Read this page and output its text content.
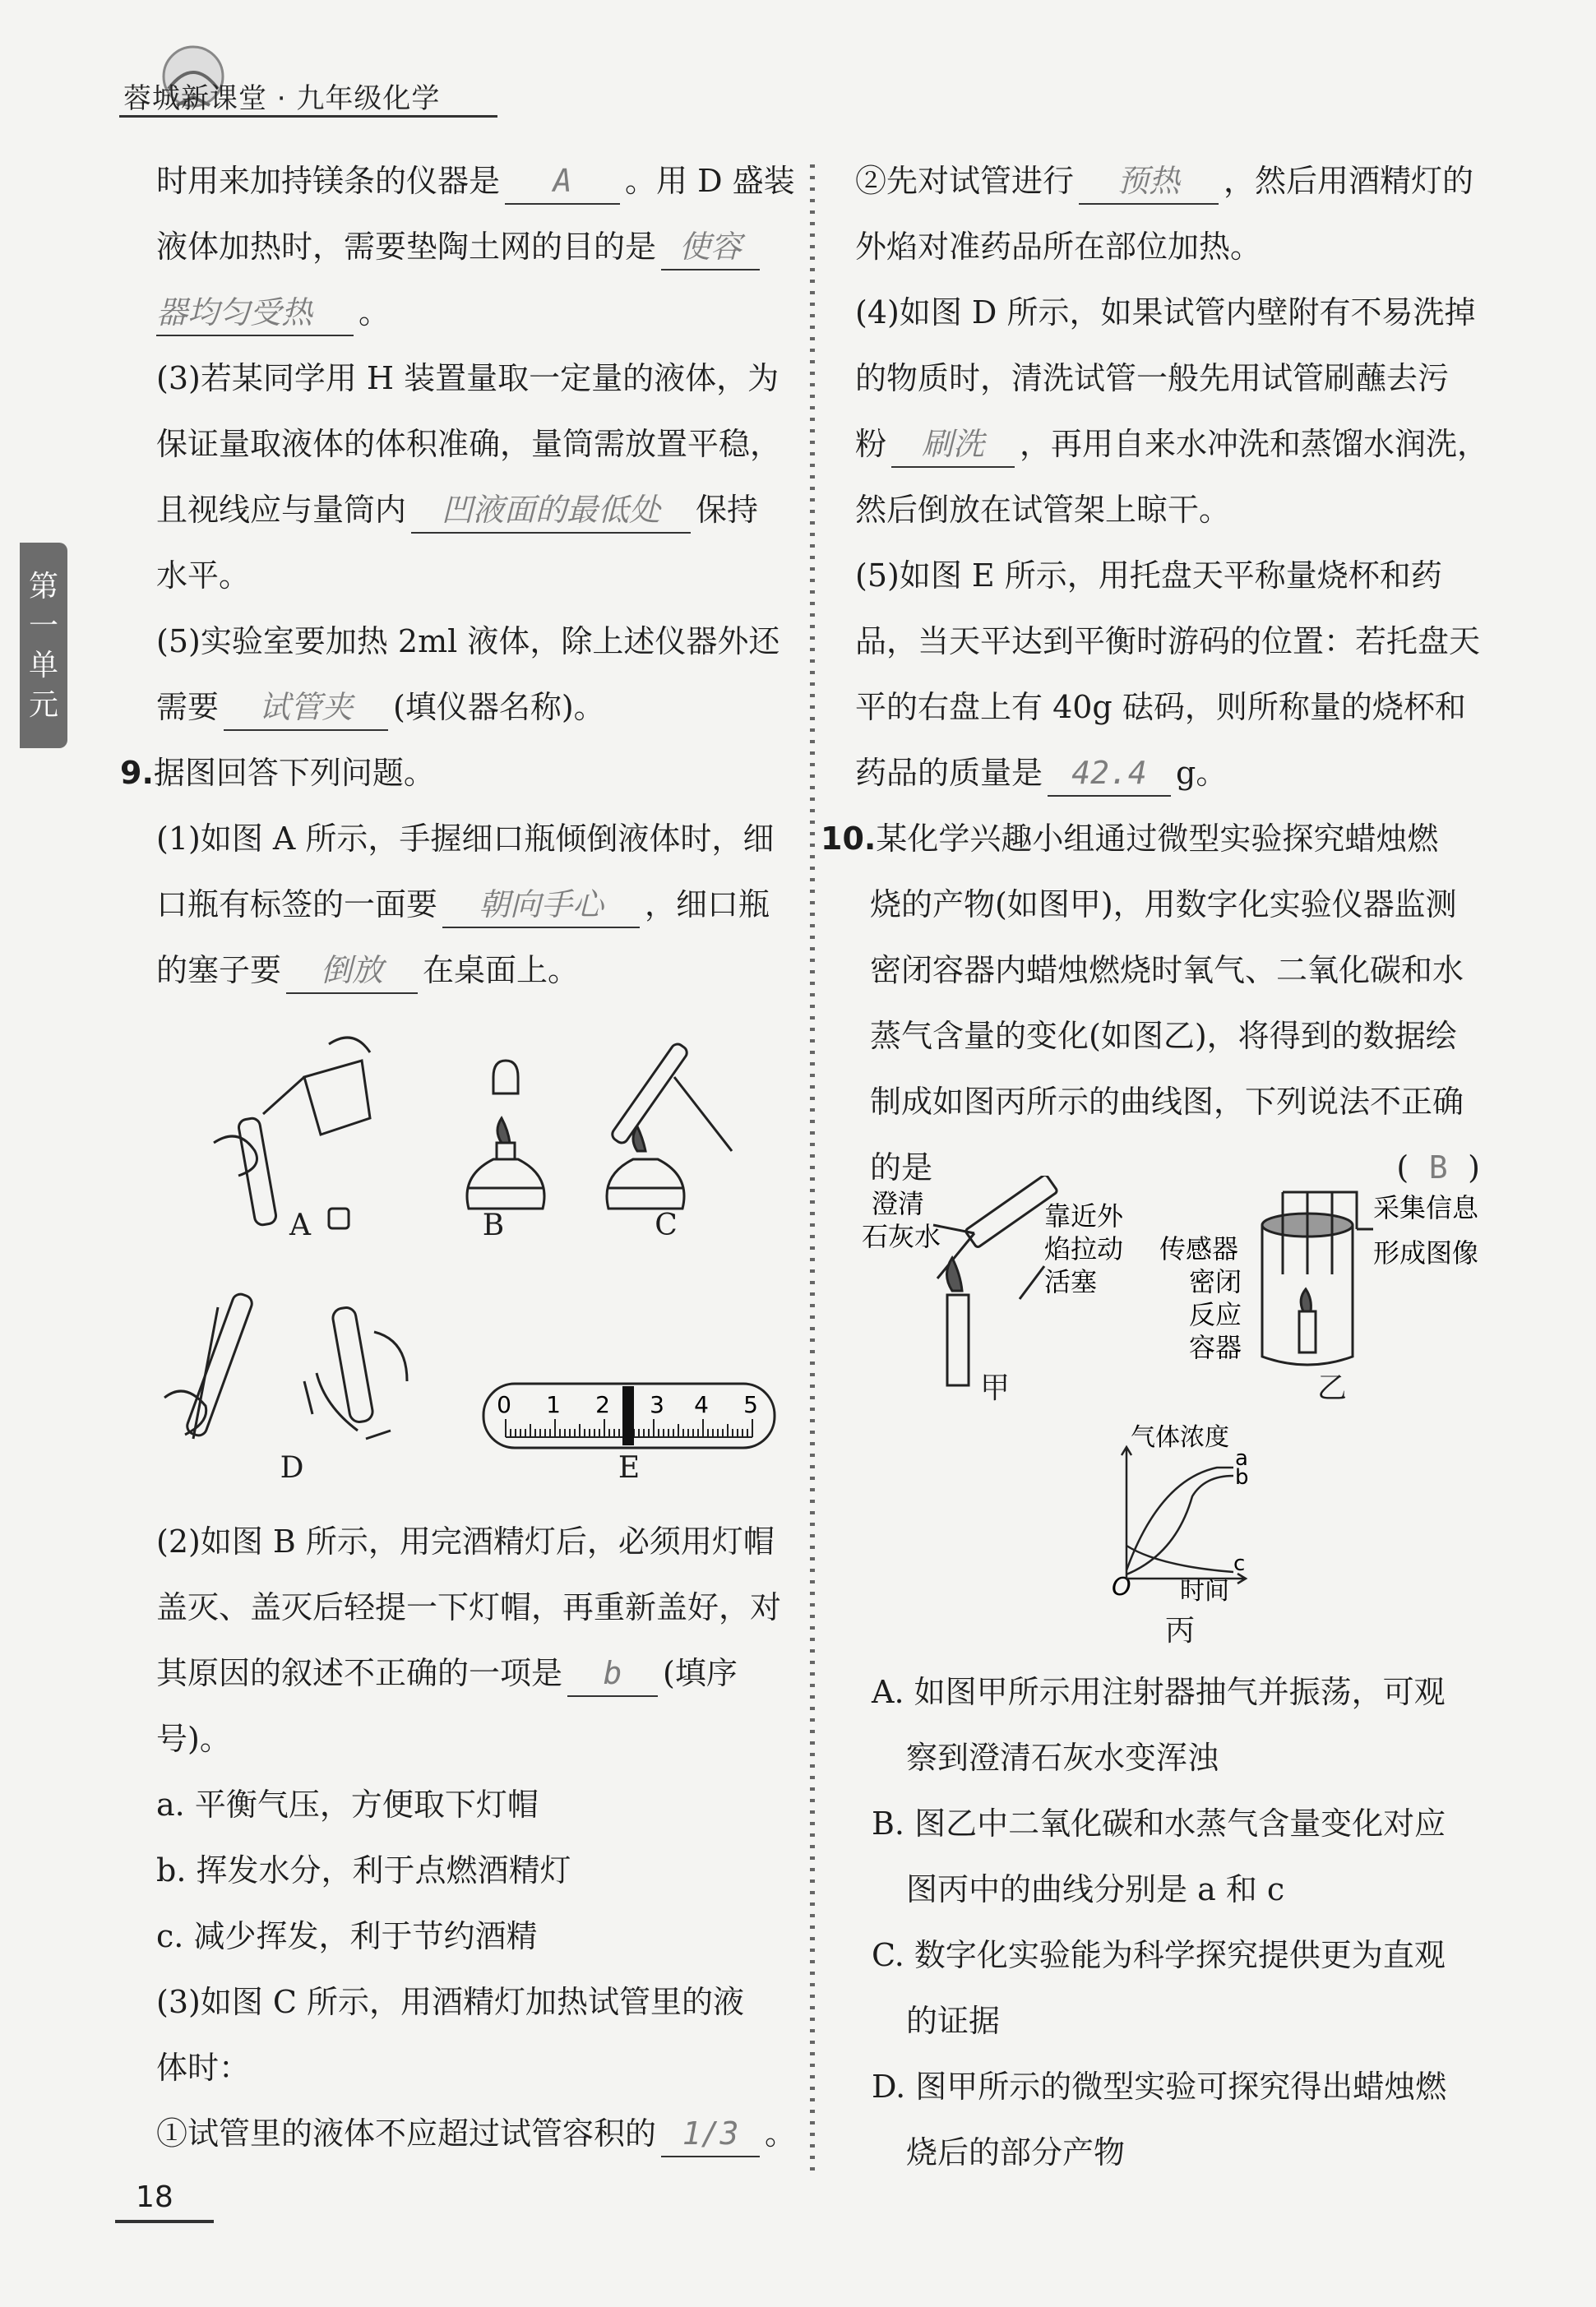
蓉城新课堂 · 九年级化学
第一单元

时用来加持镁条的仪器是 A 。用 D 盛装

液体加热时，需要垫陶土网的目的是 使容

器均匀受热 。

(3)若某同学用 H 装置量取一定量的液体，为

保证量取液体的体积准确，量筒需放置平稳，

且视线应与量筒内 凹液面的最低处 保持

水平。

(5)实验室要加热 2ml 液体，除上述仪器外还

需要 试管夹 (填仪器名称)。

9.据图回答下列问题。

(1)如图 A 所示，手握细口瓶倾倒液体时，细

口瓶有标签的一面要 朝向手心 ，细口瓶

的塞子要 倒放 在桌面上。

A	B	C
0 1 2 3 4 5
D	E

(2)如图 B 所示，用完酒精灯后，必须用灯帽

盖灭、盖灭后轻提一下灯帽，再重新盖好，对

其原因的叙述不正确的一项是 b (填序

号)。

a. 平衡气压，方便取下灯帽

b. 挥发水分，利于点燃酒精灯

c. 减少挥发，利于节约酒精

(3)如图 C 所示，用酒精灯加热试管里的液

体时：

①试管里的液体不应超过试管容积的 1/3 。

②先对试管进行 预热 ，然后用酒精灯的

外焰对准药品所在部位加热。

(4)如图 D 所示，如果试管内壁附有不易洗掉

的物质时，清洗试管一般先用试管刷蘸去污

粉 刷洗 ，再用自来水冲洗和蒸馏水润洗，

然后倒放在试管架上晾干。

(5)如图 E 所示，用托盘天平称量烧杯和药

品，当天平达到平衡时游码的位置：若托盘天

平的右盘上有 40g 砝码，则所称量的烧杯和

药品的质量是 42.4 g。

10.某化学兴趣小组通过微型实验探究蜡烛燃

烧的产物(如图甲)，用数字化实验仪器监测

密闭容器内蜡烛燃烧时氧气、二氧化碳和水

蒸气含量的变化(如图乙)，将得到的数据绘

制成如图丙所示的曲线图，下列说法不正确

的是	( B )

澄清
石灰水
靠近外
焰拉动
活塞
甲
采集信息
形成图像
传感器
密闭
反应
容器
乙
气体浓度
时间
O
a
b
c
丙

A. 如图甲所示用注射器抽气并振荡，可观

察到澄清石灰水变浑浊

B. 图乙中二氧化碳和水蒸气含量变化对应

图丙中的曲线分别是 a 和 c

C. 数字化实验能为科学探究提供更为直观

的证据

D. 图甲所示的微型实验可探究得出蜡烛燃

烧后的部分产物

18
